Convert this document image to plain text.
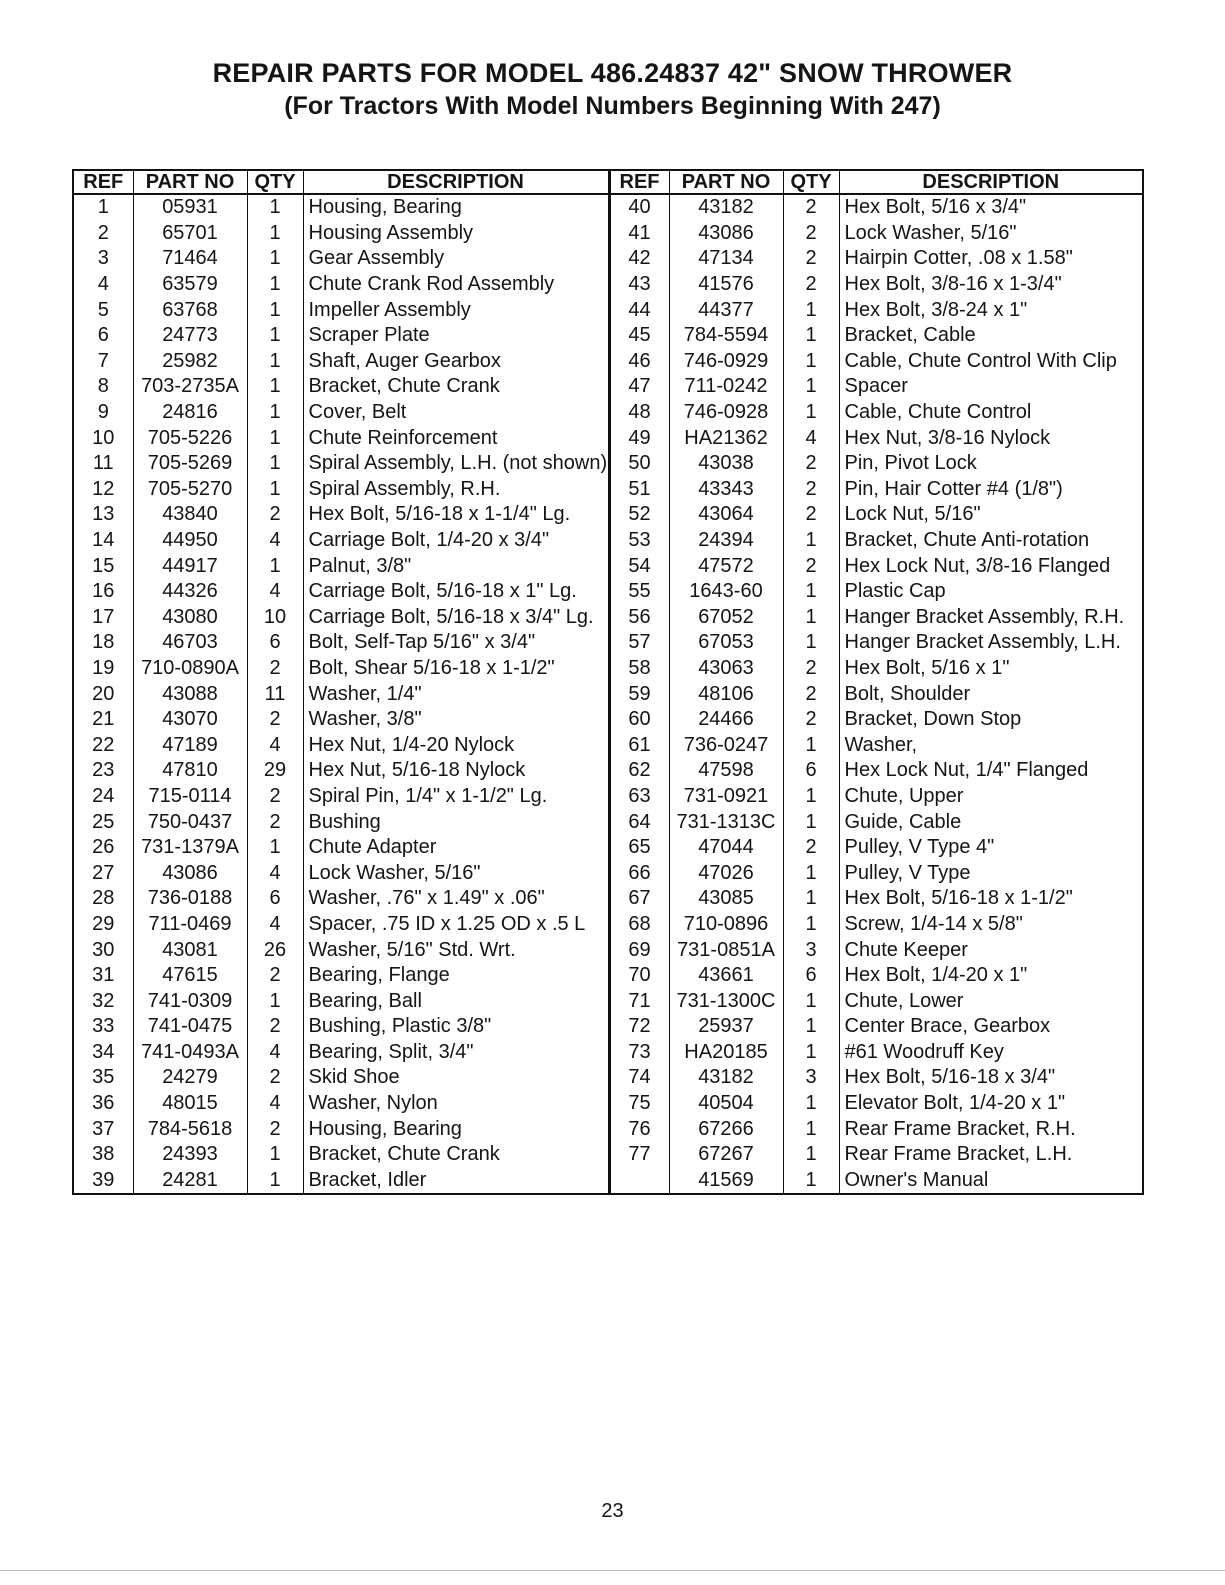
REPAIR PARTS FOR MODEL 486.24837 42" SNOW THROWER
(For Tractors With Model Numbers Beginning With 247)
REF	PART NO	QTY	DESCRIPTION	REF	PART NO	QTY	DESCRIPTION
1	05931	1	Housing, Bearing	40	43182	2	Hex Bolt, 5/16 x 3/4"
2	65701	1	Housing Assembly	41	43086	2	Lock Washer, 5/16"
3	71464	1	Gear Assembly	42	47134	2	Hairpin Cotter, .08 x 1.58"
4	63579	1	Chute Crank Rod Assembly	43	41576	2	Hex Bolt, 3/8-16 x 1-3/4"
5	63768	1	Impeller Assembly	44	44377	1	Hex Bolt, 3/8-24 x 1"
6	24773	1	Scraper Plate	45	784-5594	1	Bracket, Cable
7	25982	1	Shaft, Auger Gearbox	46	746-0929	1	Cable, Chute Control With Clip
8	703-2735A	1	Bracket, Chute Crank	47	711-0242	1	Spacer
9	24816	1	Cover, Belt	48	746-0928	1	Cable, Chute Control
10	705-5226	1	Chute Reinforcement	49	HA21362	4	Hex Nut, 3/8-16 Nylock
11	705-5269	1	Spiral Assembly, L.H. (not shown)	50	43038	2	Pin, Pivot Lock
12	705-5270	1	Spiral Assembly, R.H.	51	43343	2	Pin, Hair Cotter #4 (1/8")
13	43840	2	Hex Bolt, 5/16-18 x 1-1/4" Lg.	52	43064	2	Lock Nut, 5/16"
14	44950	4	Carriage Bolt, 1/4-20 x 3/4"	53	24394	1	Bracket, Chute Anti-rotation
15	44917	1	Palnut, 3/8"	54	47572	2	Hex Lock Nut, 3/8-16 Flanged
16	44326	4	Carriage Bolt, 5/16-18 x 1" Lg.	55	1643-60	1	Plastic Cap
17	43080	10	Carriage Bolt, 5/16-18 x 3/4" Lg.	56	67052	1	Hanger Bracket Assembly, R.H.
18	46703	6	Bolt, Self-Tap 5/16" x 3/4"	57	67053	1	Hanger Bracket Assembly, L.H.
19	710-0890A	2	Bolt, Shear 5/16-18 x 1-1/2"	58	43063	2	Hex Bolt, 5/16 x 1"
20	43088	11	Washer, 1/4"	59	48106	2	Bolt, Shoulder
21	43070	2	Washer, 3/8"	60	24466	2	Bracket, Down Stop
22	47189	4	Hex Nut, 1/4-20 Nylock	61	736-0247	1	Washer,
23	47810	29	Hex Nut, 5/16-18 Nylock	62	47598	6	Hex Lock Nut, 1/4" Flanged
24	715-0114	2	Spiral Pin, 1/4" x 1-1/2" Lg.	63	731-0921	1	Chute, Upper
25	750-0437	2	Bushing	64	731-1313C	1	Guide, Cable
26	731-1379A	1	Chute Adapter	65	47044	2	Pulley, V Type 4"
27	43086	4	Lock Washer, 5/16"	66	47026	1	Pulley, V Type
28	736-0188	6	Washer, .76" x 1.49" x .06"	67	43085	1	Hex Bolt, 5/16-18 x 1-1/2"
29	711-0469	4	Spacer, .75 ID x 1.25 OD x .5 L	68	710-0896	1	Screw, 1/4-14 x 5/8"
30	43081	26	Washer, 5/16" Std. Wrt.	69	731-0851A	3	Chute Keeper
31	47615	2	Bearing, Flange	70	43661	6	Hex Bolt, 1/4-20 x 1"
32	741-0309	1	Bearing, Ball	71	731-1300C	1	Chute, Lower
33	741-0475	2	Bushing, Plastic 3/8"	72	25937	1	Center Brace, Gearbox
34	741-0493A	4	Bearing, Split, 3/4"	73	HA20185	1	#61 Woodruff Key
35	24279	2	Skid Shoe	74	43182	3	Hex Bolt, 5/16-18 x 3/4"
36	48015	4	Washer, Nylon	75	40504	1	Elevator Bolt, 1/4-20 x 1"
37	784-5618	2	Housing, Bearing	76	67266	1	Rear Frame Bracket, R.H.
38	24393	1	Bracket, Chute Crank	77	67267	1	Rear Frame Bracket, L.H.
39	24281	1	Bracket, Idler		41569	1	Owner's Manual
23
